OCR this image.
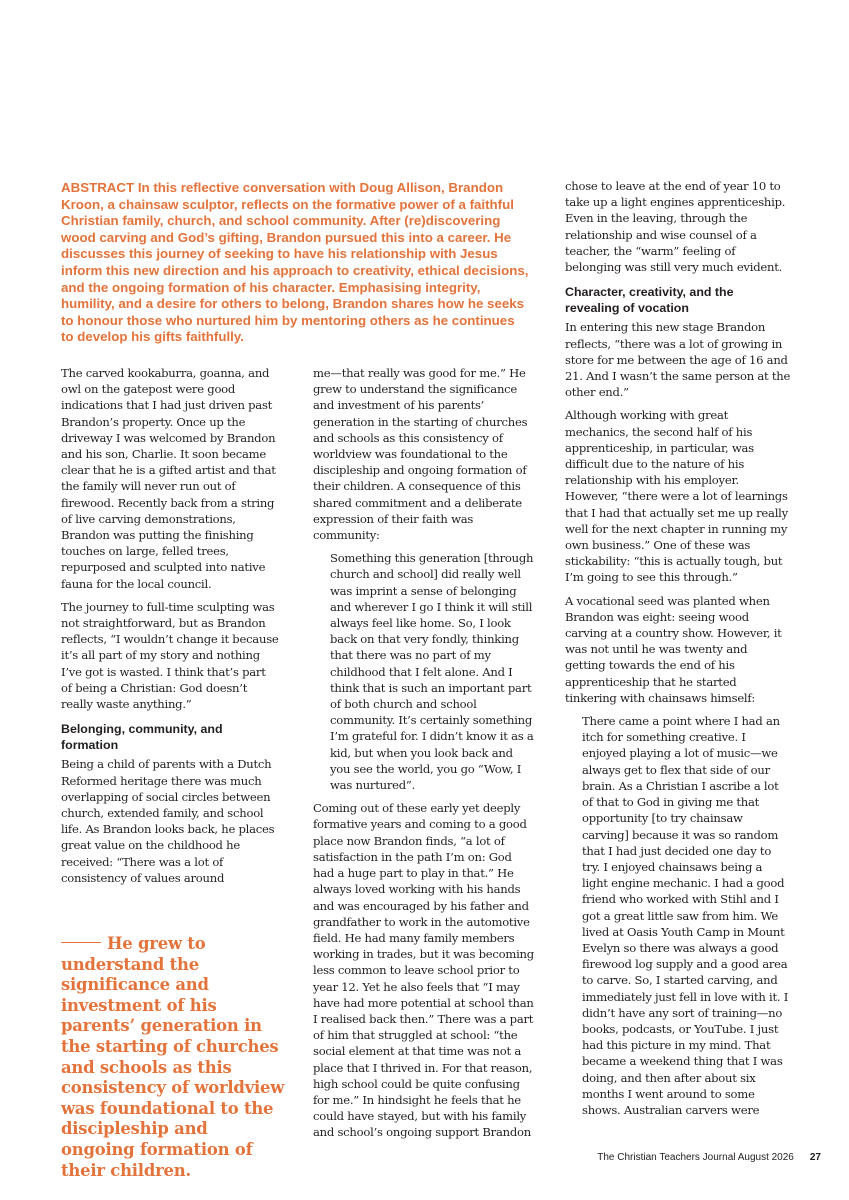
ABSTRACT In this reflective conversation with Doug Allison, Brandon Kroon, a chainsaw sculptor, reflects on the formative power of a faithful Christian family, church, and school community. After (re)discovering wood carving and God’s gifting, Brandon pursued this into a career. He discusses this journey of seeking to have his relationship with Jesus inform this new direction and his approach to creativity, ethical decisions, and the ongoing formation of his character. Emphasising integrity, humility, and a desire for others to belong, Brandon shares how he seeks to honour those who nurtured him by mentoring others as he continues to develop his gifts faithfully.

The carved kookaburra, goanna, and owl on the gatepost were good indications that I had just driven past Brandon’s property. Once up the driveway I was welcomed by Brandon and his son, Charlie. It soon became clear that he is a gifted artist and that the family will never run out of firewood. Recently back from a string of live carving demonstrations, Brandon was putting the finishing touches on large, felled trees, repurposed and sculpted into native fauna for the local council.

The journey to full-time sculpting was not straightforward, but as Brandon reflects, “I wouldn’t change it because it’s all part of my story and nothing I’ve got is wasted. I think that’s part of being a Christian: God doesn’t really waste anything.”

Belonging, community, and formation

Being a child of parents with a Dutch Reformed heritage there was much overlapping of social circles between church, extended family, and school life. As Brandon looks back, he places great value on the childhood he received: “There was a lot of consistency of values around

He grew to understand the significance and investment of his parents’ generation in the starting of churches and schools as this consistency of worldview was foundational to the discipleship and ongoing formation of their children.

me—that really was good for me.” He grew to understand the significance and investment of his parents’ generation in the starting of churches and schools as this consistency of worldview was foundational to the discipleship and ongoing formation of their children. A consequence of this shared commitment and a deliberate expression of their faith was community:

Something this generation [through church and school] did really well was imprint a sense of belonging and wherever I go I think it will still always feel like home. So, I look back on that very fondly, thinking that there was no part of my childhood that I felt alone. And I think that is such an important part of both church and school community. It’s certainly something I’m grateful for. I didn’t know it as a kid, but when you look back and you see the world, you go “Wow, I was nurtured”.

Coming out of these early yet deeply formative years and coming to a good place now Brandon finds, “a lot of satisfaction in the path I’m on: God had a huge part to play in that.” He always loved working with his hands and was encouraged by his father and grandfather to work in the automotive field. He had many family members working in trades, but it was becoming less common to leave school prior to year 12. Yet he also feels that “I may have had more potential at school than I realised back then.” There was a part of him that struggled at school: “the social element at that time was not a place that I thrived in. For that reason, high school could be quite confusing for me.” In hindsight he feels that he could have stayed, but with his family and school’s ongoing support Brandon

chose to leave at the end of year 10 to take up a light engines apprenticeship. Even in the leaving, through the relationship and wise counsel of a teacher, the “warm” feeling of belonging was still very much evident.

Character, creativity, and the revealing of vocation

In entering this new stage Brandon reflects, “there was a lot of growing in store for me between the age of 16 and 21. And I wasn’t the same person at the other end.”

Although working with great mechanics, the second half of his apprenticeship, in particular, was difficult due to the nature of his relationship with his employer. However, “there were a lot of learnings that I had that actually set me up really well for the next chapter in running my own business.” One of these was stickability: “this is actually tough, but I’m going to see this through.”

A vocational seed was planted when Brandon was eight: seeing wood carving at a country show. However, it was not until he was twenty and getting towards the end of his apprenticeship that he started tinkering with chainsaws himself:

There came a point where I had an itch for something creative. I enjoyed playing a lot of music—we always get to flex that side of our brain. As a Christian I ascribe a lot of that to God in giving me that opportunity [to try chainsaw carving] because it was so random that I had just decided one day to try. I enjoyed chainsaws being a light engine mechanic. I had a good friend who worked with Stihl and I got a great little saw from him. We lived at Oasis Youth Camp in Mount Evelyn so there was always a good firewood log supply and a good area to carve. So, I started carving, and immediately just fell in love with it. I didn’t have any sort of training—no books, podcasts, or YouTube. I just had this picture in my mind. That became a weekend thing that I was doing, and then after about six months I went around to some shows. Australian carvers were
The Christian Teachers Journal August 2026 27
